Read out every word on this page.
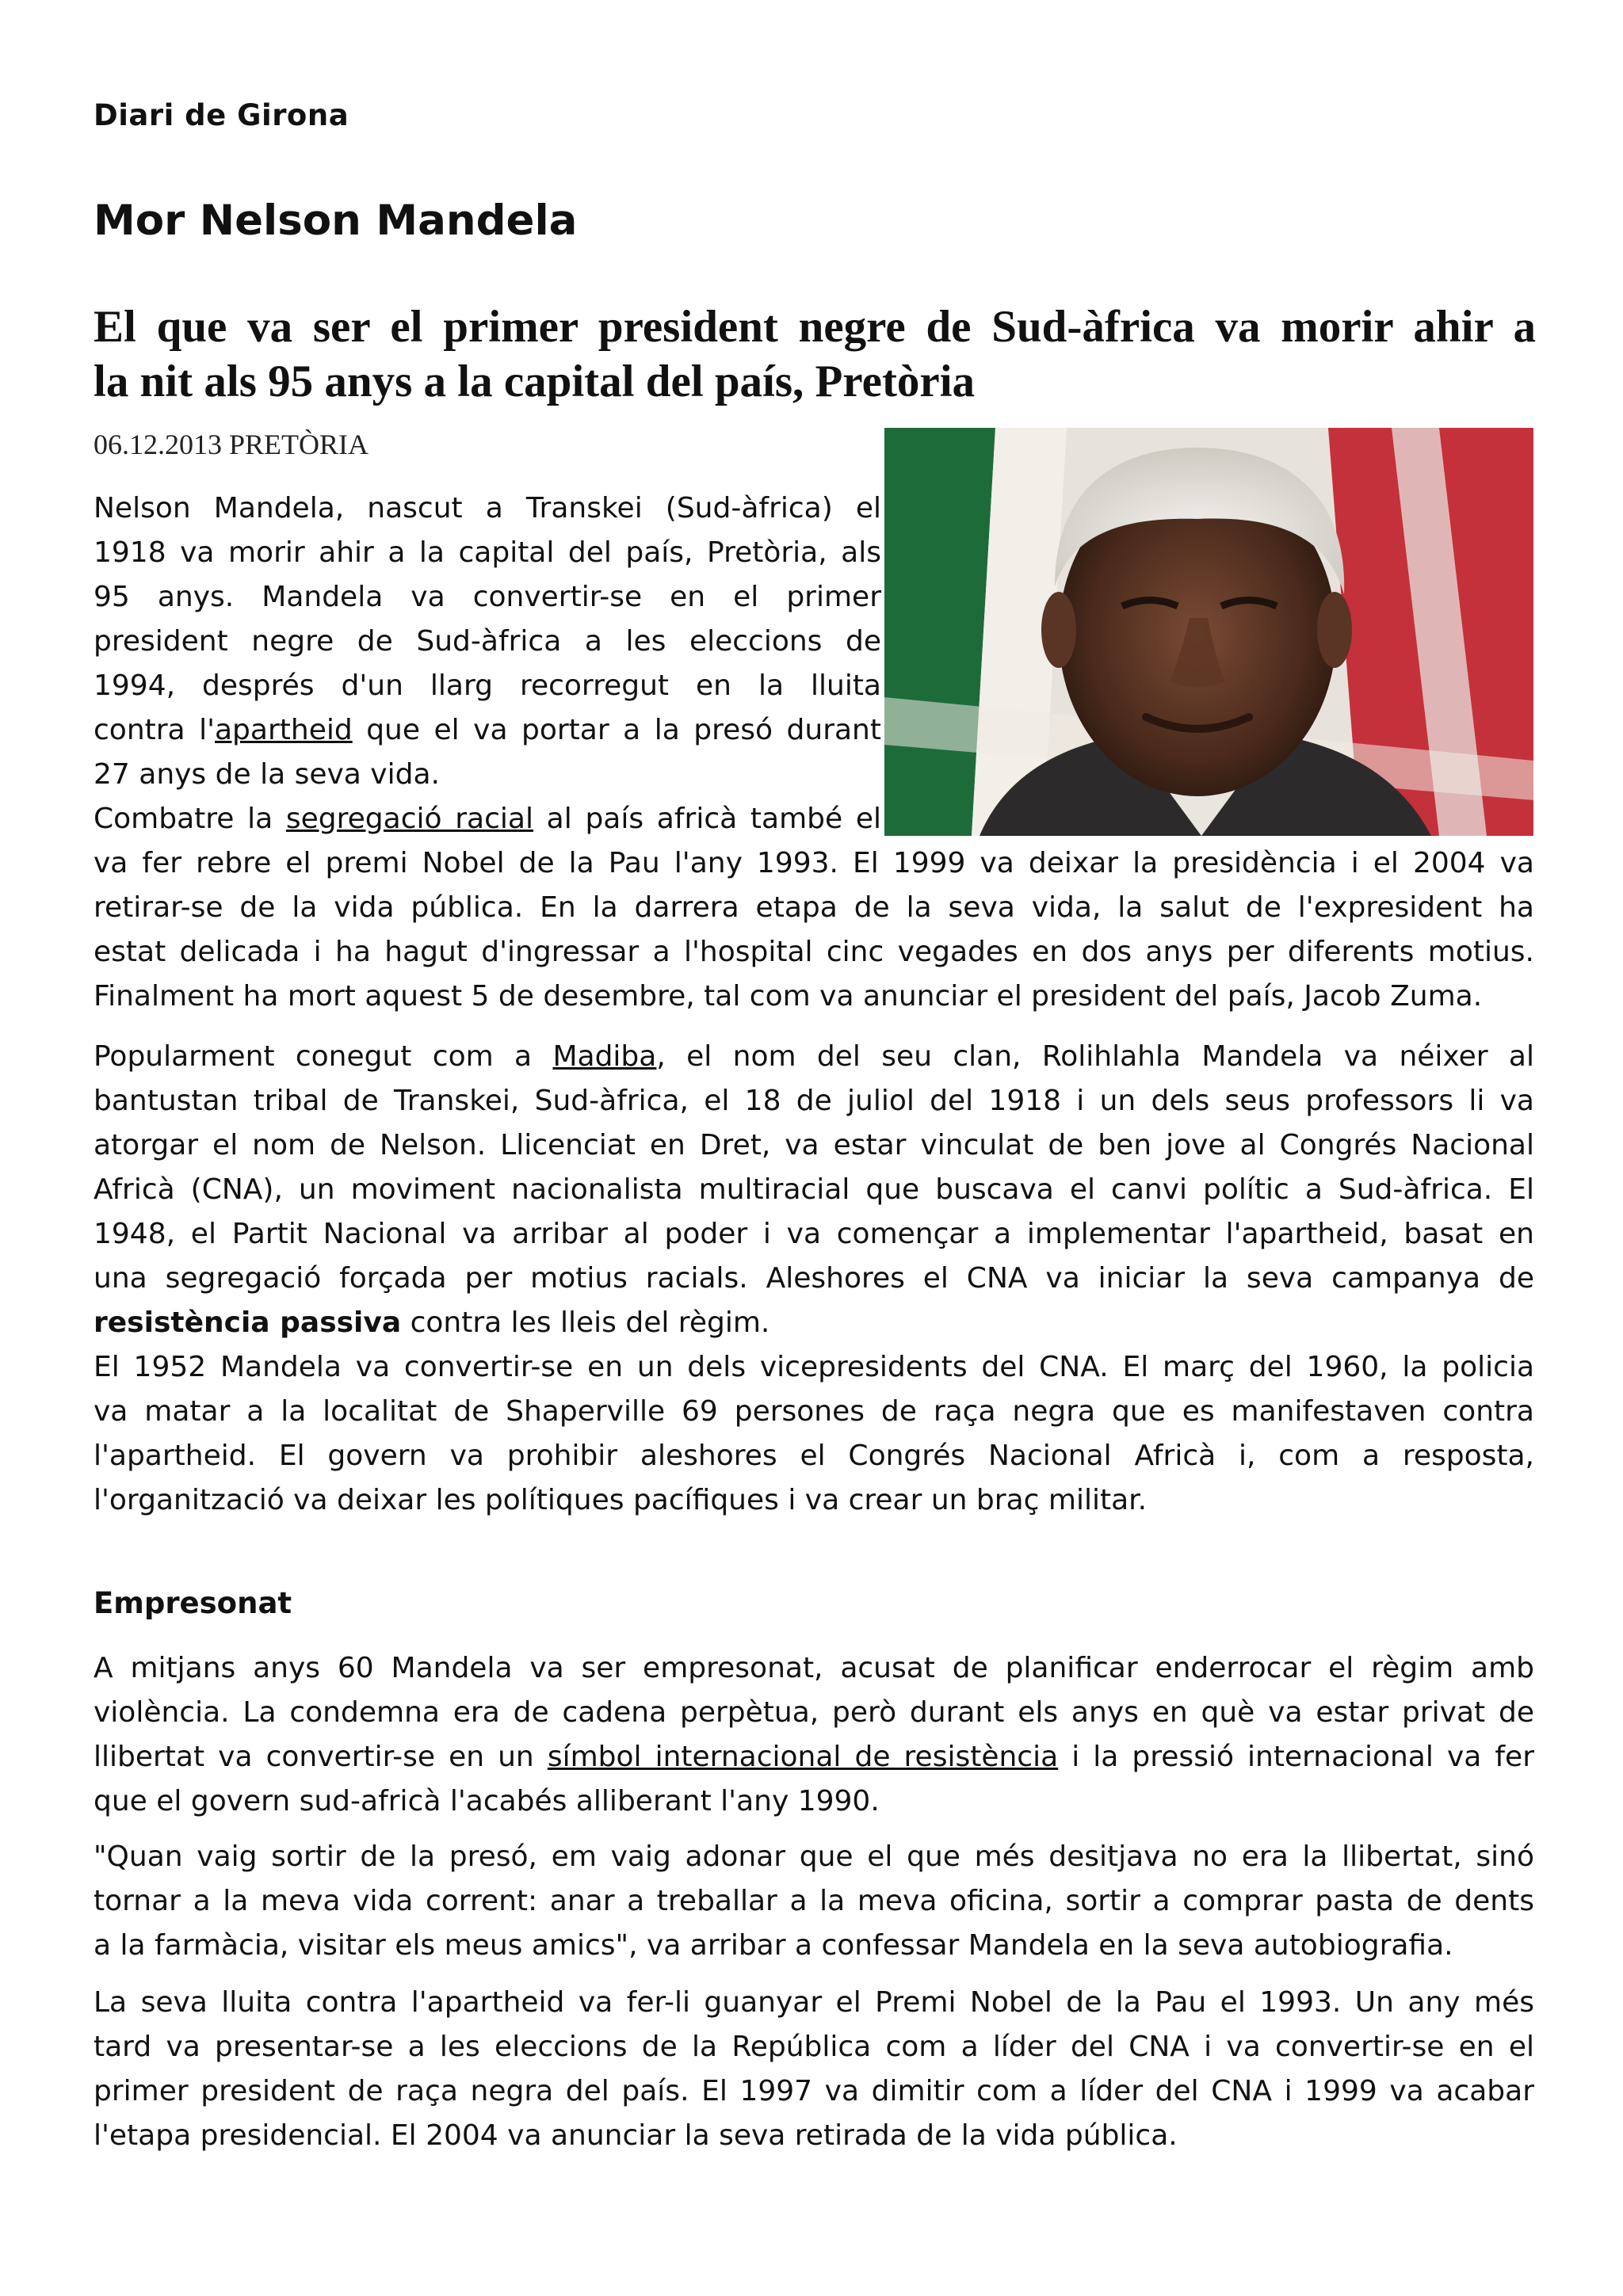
Diari de Girona
Mor Nelson Mandela
El que va ser el primer president negre de Sud-àfrica va morir ahir a
la nit als 95 anys a la capital del país, Pretòria
06.12.2013 PRETÒRIA

Nelson Mandela, nascut a Transkei (Sud-àfrica) el

1918 va morir ahir a la capital del país, Pretòria, als

95 anys. Mandela va convertir-se en el primer

president negre de Sud-àfrica a les eleccions de

1994, després d'un llarg recorregut en la lluita

contra l'apartheid que el va portar a la presó durant

27 anys de la seva vida.

Combatre la segregació racial al país africà també el

va fer rebre el premi Nobel de la Pau l'any 1993. El 1999 va deixar la presidència i el 2004 va

retirar-se de la vida pública. En la darrera etapa de la seva vida, la salut de l'expresident ha

estat delicada i ha hagut d'ingressar a l'hospital cinc vegades en dos anys per diferents motius.

Finalment ha mort aquest 5 de desembre, tal com va anunciar el president del país, Jacob Zuma.

Popularment conegut com a Madiba, el nom del seu clan, Rolihlahla Mandela va néixer al

bantustan tribal de Transkei, Sud-àfrica, el 18 de juliol del 1918 i un dels seus professors li va

atorgar el nom de Nelson. Llicenciat en Dret, va estar vinculat de ben jove al Congrés Nacional

Africà (CNA), un moviment nacionalista multiracial que buscava el canvi polític a Sud-àfrica. El

1948, el Partit Nacional va arribar al poder i va començar a implementar l'apartheid, basat en

una segregació forçada per motius racials. Aleshores el CNA va iniciar la seva campanya de

resistència passiva contra les lleis del règim.

El 1952 Mandela va convertir-se en un dels vicepresidents del CNA. El març del 1960, la policia

va matar a la localitat de Shaperville 69 persones de raça negra que es manifestaven contra

l'apartheid. El govern va prohibir aleshores el Congrés Nacional Africà i, com a resposta,

l'organització va deixar les polítiques pacífiques i va crear un braç militar.

Empresonat

A mitjans anys 60 Mandela va ser empresonat, acusat de planificar enderrocar el règim amb

violència. La condemna era de cadena perpètua, però durant els anys en què va estar privat de

llibertat va convertir-se en un símbol internacional de resistència i la pressió internacional va fer

que el govern sud-africà l'acabés alliberant l'any 1990.

"Quan vaig sortir de la presó, em vaig adonar que el que més desitjava no era la llibertat, sinó

tornar a la meva vida corrent: anar a treballar a la meva oficina, sortir a comprar pasta de dents

a la farmàcia, visitar els meus amics", va arribar a confessar Mandela en la seva autobiografia.

La seva lluita contra l'apartheid va fer-li guanyar el Premi Nobel de la Pau el 1993. Un any més

tard va presentar-se a les eleccions de la República com a líder del CNA i va convertir-se en el

primer president de raça negra del país. El 1997 va dimitir com a líder del CNA i 1999 va acabar

l'etapa presidencial. El 2004 va anunciar la seva retirada de la vida pública.
